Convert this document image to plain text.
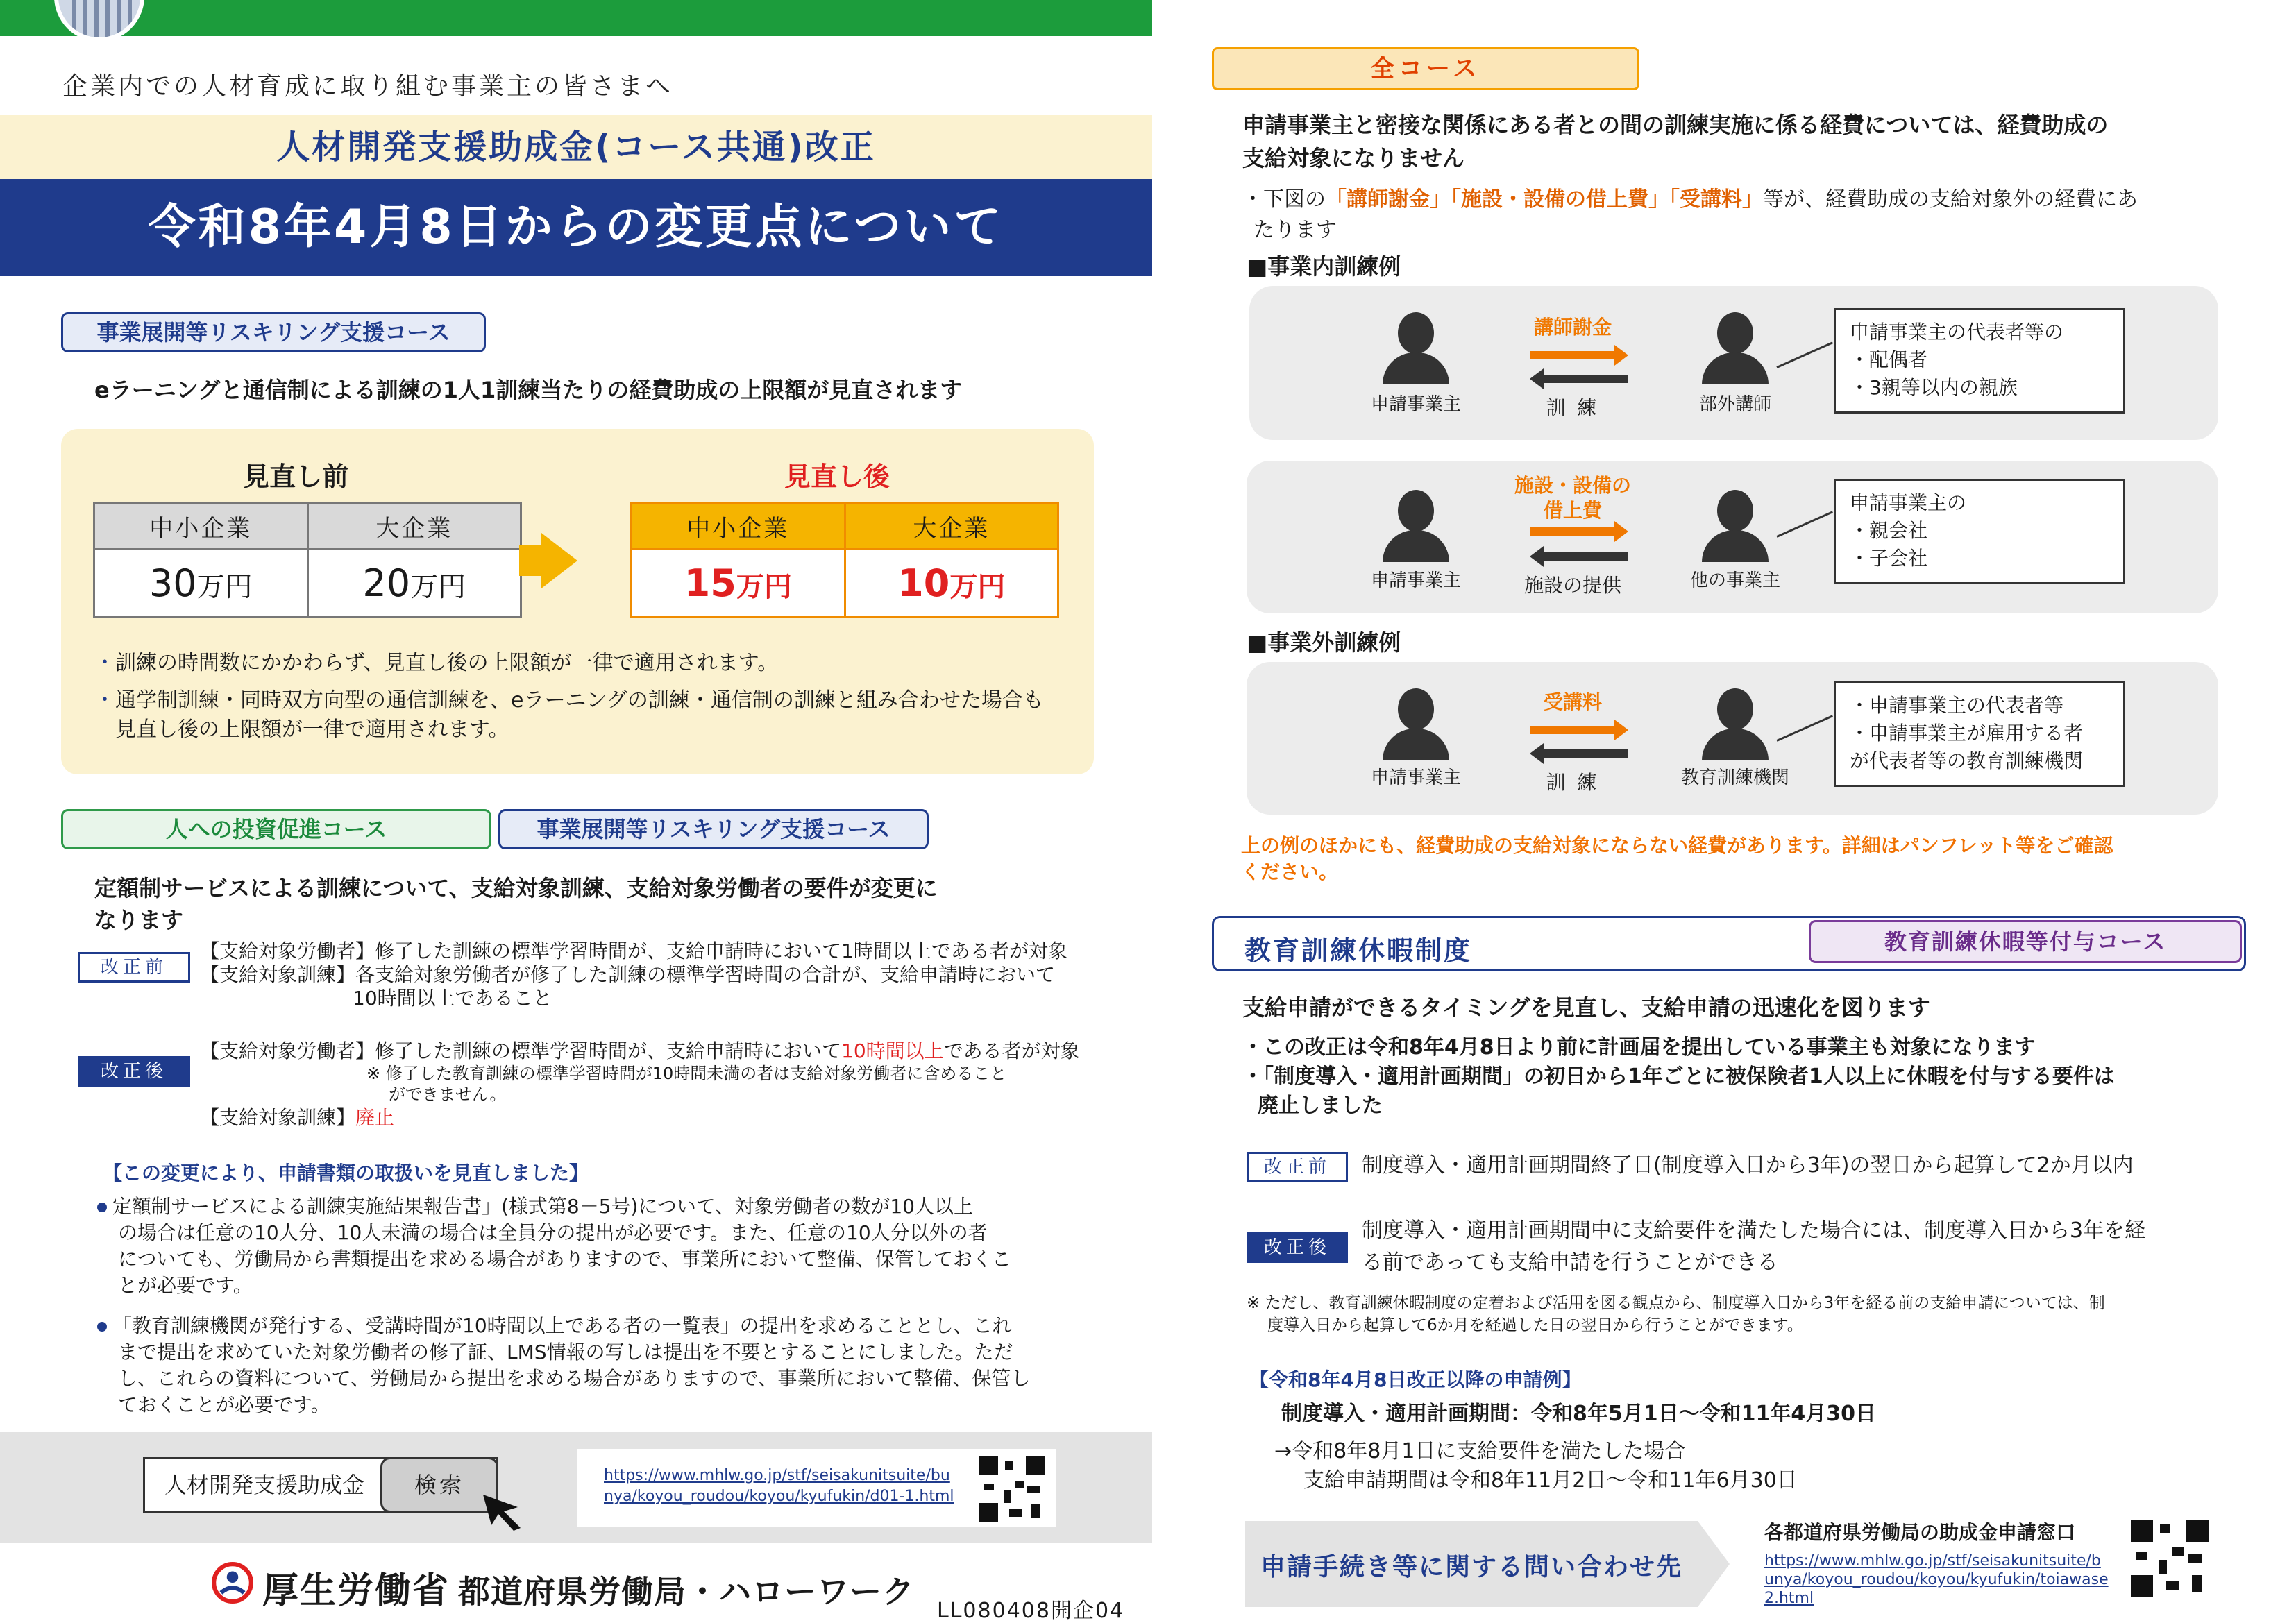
企業内での人材育成に取り組む事業主の皆さまへ
人材開発支援助成金(コース共通)改正
令和8年4月8日からの変更点について
事業展開等リスキリング支援コース
eラーニングと通信制による訓練の1人1訓練当たりの経費助成の上限額が見直されます
見直し前	見直し後
中小企業	大企業
30万円	20万円
中小企業	大企業
15万円	10万円
・訓練の時間数にかかわらず、見直し後の上限額が一律で適用されます。
・通学制訓練・同時双方向型の通信訓練を、eラーニングの訓練・通信制の訓練と組み合わせた場合も
見直し後の上限額が一律で適用されます。
人への投資促進コース	事業展開等リスキリング支援コース
定額制サービスによる訓練について、支給対象訓練、支給対象労働者の要件が変更に
なります
改正前
【支給対象労働者】修了した訓練の標準学習時間が、支給申請時において1時間以上である者が対象
【支給対象訓練】各支給対象労働者が修了した訓練の標準学習時間の合計が、支給申請時において
10時間以上であること
改正後
【支給対象労働者】修了した訓練の標準学習時間が、支給申請時において10時間以上である者が対象
※ 修了した教育訓練の標準学習時間が10時間未満の者は支給対象労働者に含めること
ができません。
【支給対象訓練】廃止
【この変更により、申請書類の取扱いを見直しました】
定額制サービスによる訓練実施結果報告書」(様式第8－5号)について、対象労働者の数が10人以上
の場合は任意の10人分、10人未満の場合は全員分の提出が必要です。また、任意の10人分以外の者
についても、労働局から書類提出を求める場合がありますので、事業所において整備、保管しておくこ
とが必要です。
「教育訓練機関が発行する、受講時間が10時間以上である者の一覧表」の提出を求めることとし、これ
まで提出を求めていた対象労働者の修了証、LMS情報の写しは提出を不要とすることにしました。ただ
し、これらの資料について、労働局から提出を求める場合がありますので、事業所において整備、保管し
ておくことが必要です。
人材開発支援助成金	検索	https://www.mhlw.go.jp/stf/seisakunitsuite/bu
nya/koyou_roudou/koyou/kyufukin/d01-1.html
厚生労働省 都道府県労働局・ハローワーク
LL080408開企04
全コース
申請事業主と密接な関係にある者との間の訓練実施に係る経費については、経費助成の
支給対象になりません
・下図の「講師謝金」「施設・設備の借上費」「受講料」等が、経費助成の支給対象外の経費にあ
たります
■事業内訓練例
申請事業主
講師謝金
訓 練	部外講師
申請事業主の代表者等の
・配偶者
・3親等以内の親族
申請事業主
施設・設備の
借上費
施設の提供	他の事業主
申請事業主の
・親会社
・子会社
■事業外訓練例
申請事業主
受講料
訓 練	教育訓練機関
・申請事業主の代表者等
・申請事業主が雇用する者
が代表者等の教育訓練機関
上の例のほかにも、経費助成の支給対象にならない経費があります。詳細はパンフレット等をご確認
ください。
教育訓練休暇制度	教育訓練休暇等付与コース
支給申請ができるタイミングを見直し、支給申請の迅速化を図ります
・この改正は令和8年4月8日より前に計画届を提出している事業主も対象になります
・「制度導入・適用計画期間」の初日から1年ごとに被保険者1人以上に休暇を付与する要件は
廃止しました
改正前	制度導入・適用計画期間終了日(制度導入日から3年)の翌日から起算して2か月以内
改正後
制度導入・適用計画期間中に支給要件を満たした場合には、制度導入日から3年を経
る前であっても支給申請を行うことができる
※ ただし、教育訓練休暇制度の定着および活用を図る観点から、制度導入日から3年を経る前の支給申請については、制
度導入日から起算して6か月を経過した日の翌日から行うことができます。
【令和8年4月8日改正以降の申請例】
制度導入・適用計画期間：令和8年5月1日～令和11年4月30日
→令和8年8月1日に支給要件を満たした場合
支給申請期間は令和8年11月2日～令和11年6月30日
申請手続き等に関する問い合わせ先
各都道府県労働局の助成金申請窓口
https://www.mhlw.go.jp/stf/seisakunitsuite/b
unya/koyou_roudou/koyou/kyufukin/toiawase
2.html
